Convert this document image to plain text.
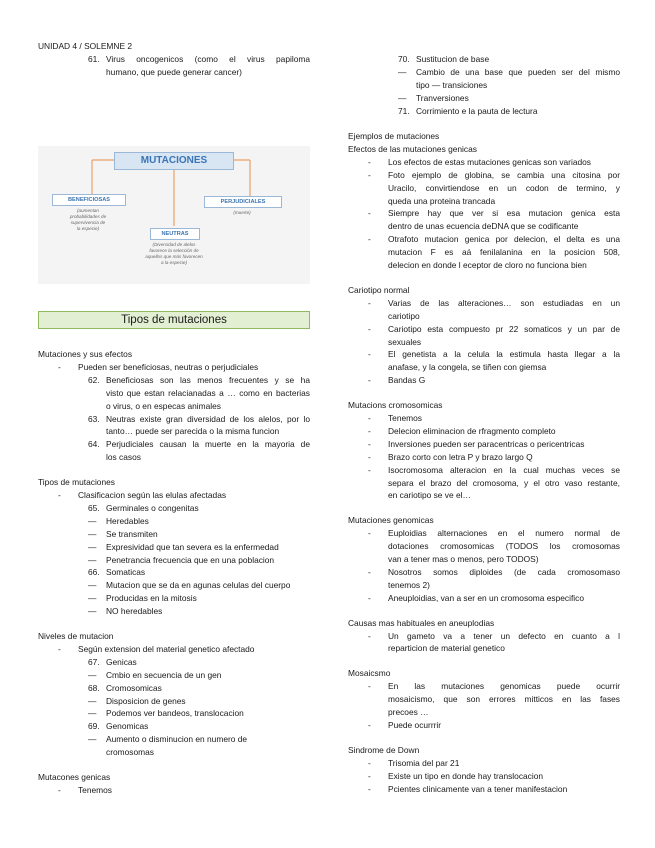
UNIDAD 4 / SOLEMNE 2
61. Virus oncogenicos (como el virus papiloma
humano, que puede generar cancer)
MUTACIONES
BENEFICIOSAS	PERJUDICIALES
NEUTRAS
(aumentan
probabilidades de
supervivencia de
la especie)
(muerte)
(Diversidad de alelos
favorece la selección de
aquellos que más favorecen
a la especie)
Tipos de mutaciones
Mutaciones y sus efectos
- Pueden ser beneficiosas, neutras o perjudiciales
62. Beneficiosas son las menos frecuentes y se ha
visto que estan relacianadas a … como en bacterias
o virus, o en especas animales
63. Neutras existe gran diversidad de los alelos, por lo
tanto… puede ser parecida o la misma funcion
64. Perjudiciales causan la muerte en la mayoria de
los casos
Tipos de mutaciones
- Clasificacion según las elulas afectadas
65. Germinales o congenitas
— Heredables
— Se transmiten
— Expresividad que tan severa es la enfermedad
— Penetrancia frecuencia que en una poblacion
66. Somaticas
— Mutacion que se da en agunas celulas del cuerpo
— Producidas en la mitosis
— NO heredables
Niveles de mutacion
- Según extension del material genetico afectado
67. Genicas
— Cmbio en secuencia de un gen
68. Cromosomicas
— Disposicion de genes
— Podemos ver bandeos, translocacion
69. Genomicas
— Aumento o disminucion en numero de
cromosomas
Mutacones genicas
- Tenemos
70. Sustitucion de base
— Cambio de una base que pueden ser del mismo
tipo — transiciones
— Tranversiones
71. Corrimiento e la pauta de lectura
Ejemplos de mutaciones
Efectos de las mutaciones genicas
- Los efectos de estas mutaciones genicas son variados
- Foto ejemplo de globina, se cambia una citosina por
Uracilo, convirtiendose en un codon de termino, y
queda una proteina trancada
- Siempre hay que ver si esa mutacion genica esta
dentro de unas ecuencia deDNA que se codificante
- Otrafoto mutacion genica por delecion, el delta es una
mutacion F es aá fenilalanina en la posicion 508,
delecion en donde l eceptor de cloro no funciona bien
Cariotipo normal
- Varias de las alteraciones… son estudiadas en un
cariotipo
- Cariotipo esta compuesto pr 22 somaticos y un par de
sexuales
- El genetista a la celula la estimula hasta llegar a la
anafase, y la congela, se tiñen con giemsa
- Bandas G
Mutacions cromosomicas
- Tenemos
- Delecion eliminacion de rfragmento completo
- Inversiones pueden ser paracentricas o pericentricas
- Brazo corto con letra P y brazo largo Q
- Isocromosoma alteracion en la cual muchas veces se
separa el brazo del cromosoma, y el otro vaso restante,
en cariotipo se ve el…
Mutaciones genomicas
- Euploidias alternaciones en el numero normal de
dotaciones cromosomicas (TODOS los cromosomas
van a tener mas o menos, pero TODOS)
- Nosotros somos diploides (de cada cromosomaso
tenemos 2)
- Aneuploidias, van a ser en un cromosoma especifico
Causas mas habituales en aneuplodias
- Un gameto va a tener un defecto en cuanto a l
reparticion de material genetico
Mosaicsmo
- En las mutaciones genomicas puede ocurrir
mosaicismo, que son errores mitticos en las fases
precoes …
- Puede ocurrrir
Sindrome de Down
- Trisomia del par 21
- Existe un tipo en donde hay translocacion
- Pcientes clinicamente van a tener manifestacion
